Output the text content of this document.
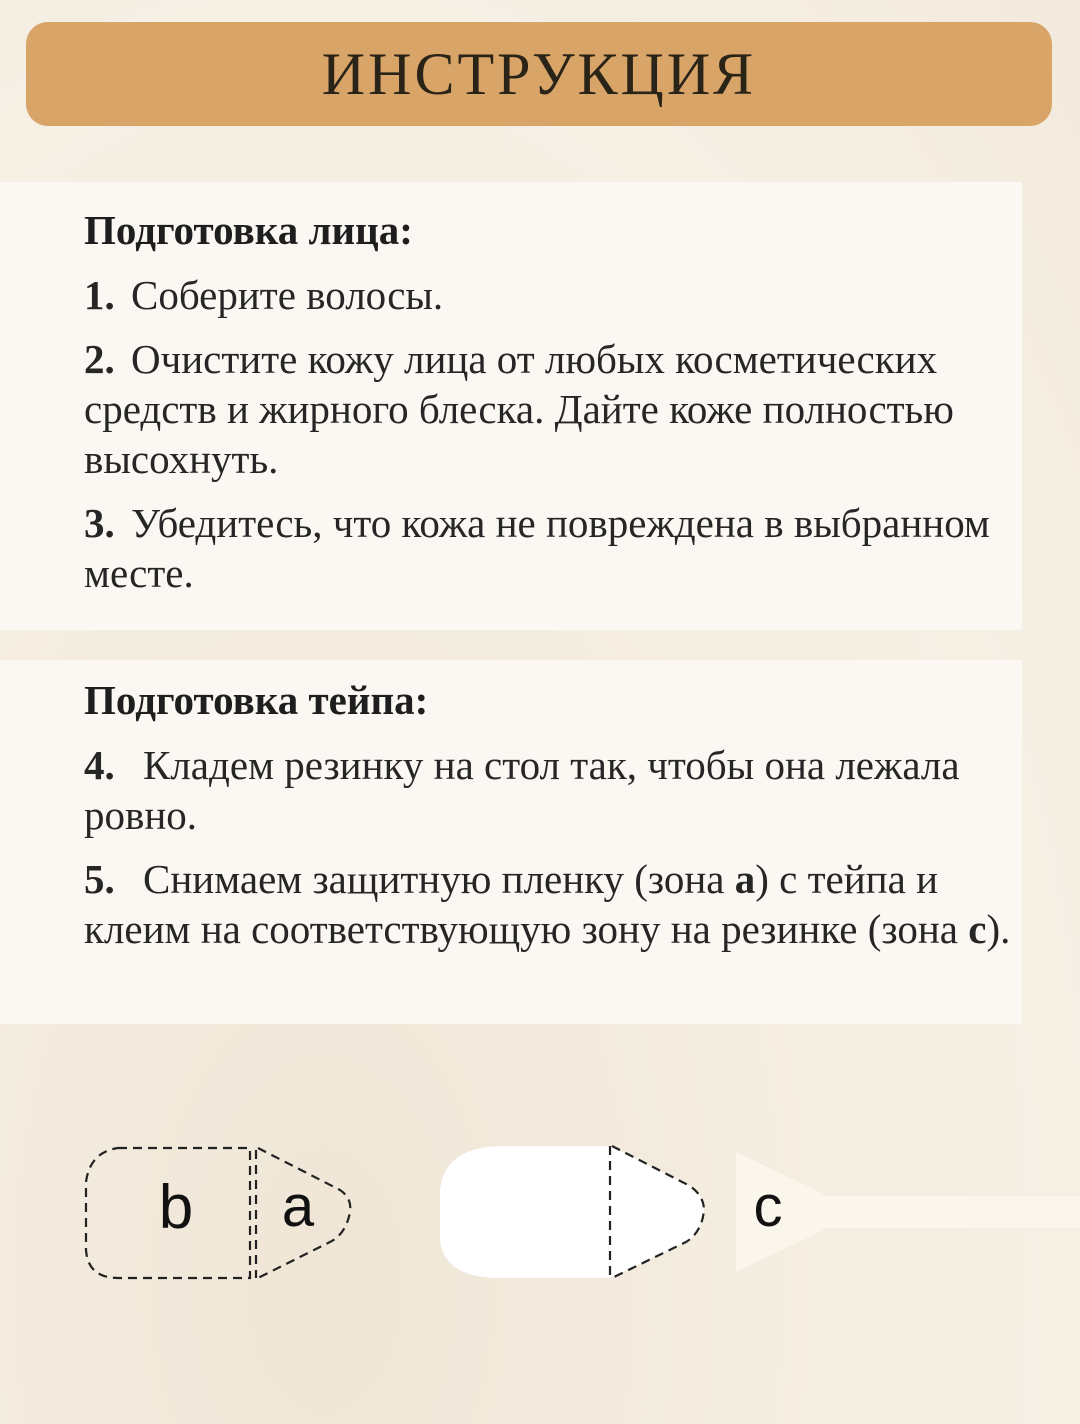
ИНСТРУКЦИЯ
Подготовка лица:
1. Соберите волосы.
2. Очистите кожу лица от любых косметических средств и жирного блеска. Дайте коже полностью высохнуть.
3. Убедитесь, что кожа не повреждена в выбранном месте.
Подготовка тейпа:
4. Кладем резинку на стол так, чтобы она лежала ровно.
5. Снимаем защитную пленку (зона а) с тейпа и клеим на соответствующую зону на резинке (зона с).
b a	c
